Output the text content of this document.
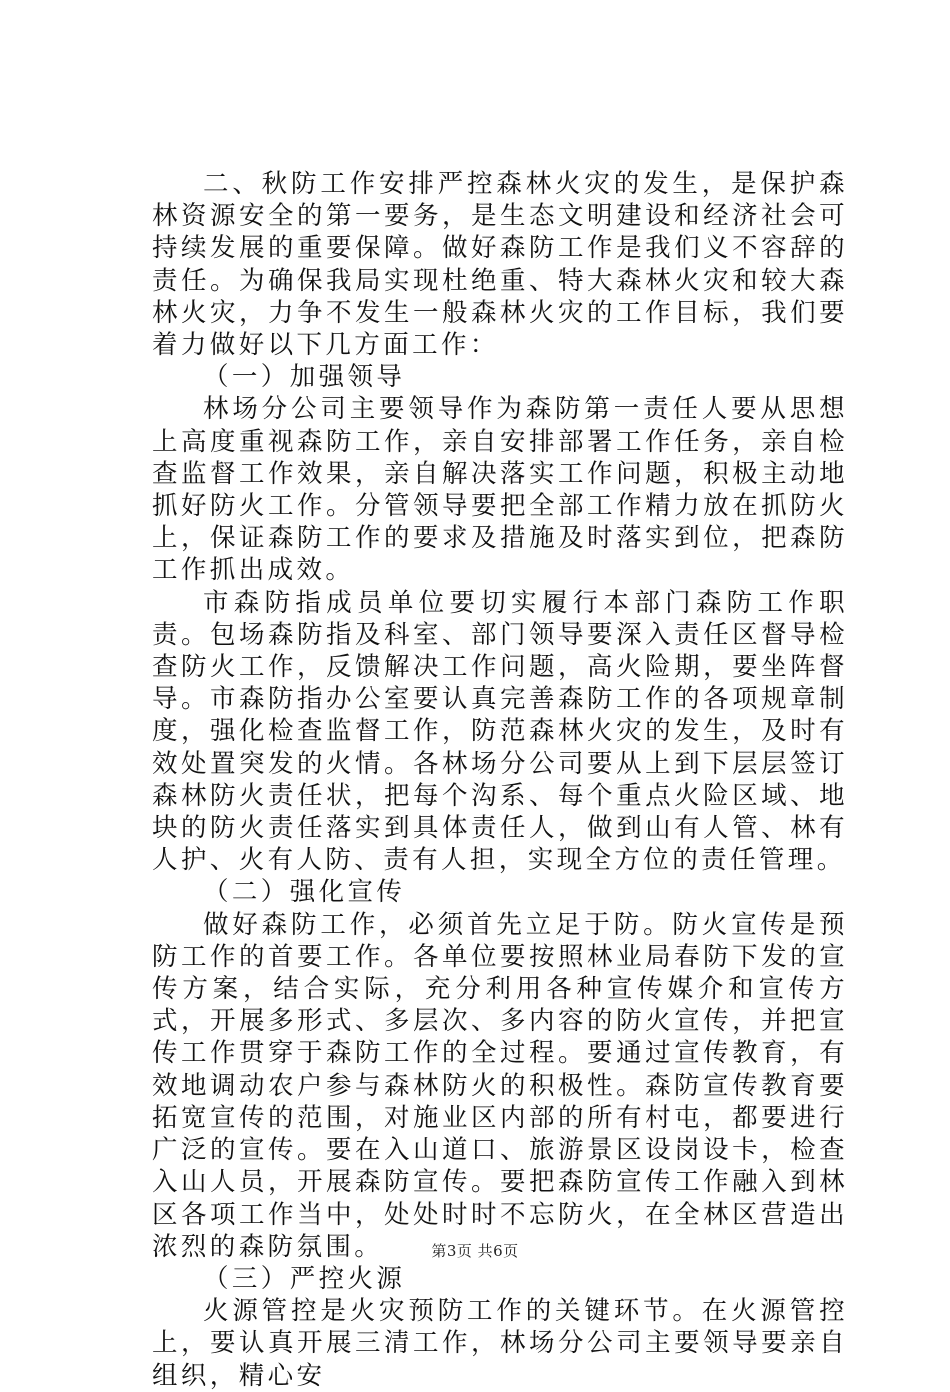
二、秋防工作安排严控森林火灾的发生，是保护森林资源安全的第一要务，是生态文明建设和经济社会可持续发展的重要保障。做好森防工作是我们义不容辞的责任。为确保我局实现杜绝重、特大森林火灾和较大森林火灾，力争不发生一般森林火灾的工作目标，我们要着力做好以下几方面工作：

（一）加强领导

林场分公司主要领导作为森防第一责任人要从思想上高度重视森防工作，亲自安排部署工作任务，亲自检查监督工作效果，亲自解决落实工作问题，积极主动地抓好防火工作。分管领导要把全部工作精力放在抓防火上，保证森防工作的要求及措施及时落实到位，把森防工作抓出成效。

市森防指成员单位要切实履行本部门森防工作职责。包场森防指及科室、部门领导要深入责任区督导检查防火工作，反馈解决工作问题，高火险期，要坐阵督导。市森防指办公室要认真完善森防工作的各项规章制度，强化检查监督工作，防范森林火灾的发生，及时有效处置突发的火情。各林场分公司要从上到下层层签订森林防火责任状，把每个沟系、每个重点火险区域、地块的防火责任落实到具体责任人，做到山有人管、林有人护、火有人防、责有人担，实现全方位的责任管理。

（二）强化宣传

做好森防工作，必须首先立足于防。防火宣传是预防工作的首要工作。各单位要按照林业局春防下发的宣传方案，结合实际，充分利用各种宣传媒介和宣传方式，开展多形式、多层次、多内容的防火宣传，并把宣传工作贯穿于森防工作的全过程。要通过宣传教育，有效地调动农户参与森林防火的积极性。森防宣传教育要拓宽宣传的范围，对施业区内部的所有村屯，都要进行广泛的宣传。要在入山道口、旅游景区设岗设卡，检查入山人员，开展森防宣传。要把森防宣传工作融入到林区各项工作当中，处处时时不忘防火，在全林区营造出浓烈的森防氛围。

（三）严控火源

火源管控是火灾预防工作的关键环节。在火源管控上，要认真开展三清工作，林场分公司主要领导要亲自组织，精心安

第3页 共6页
